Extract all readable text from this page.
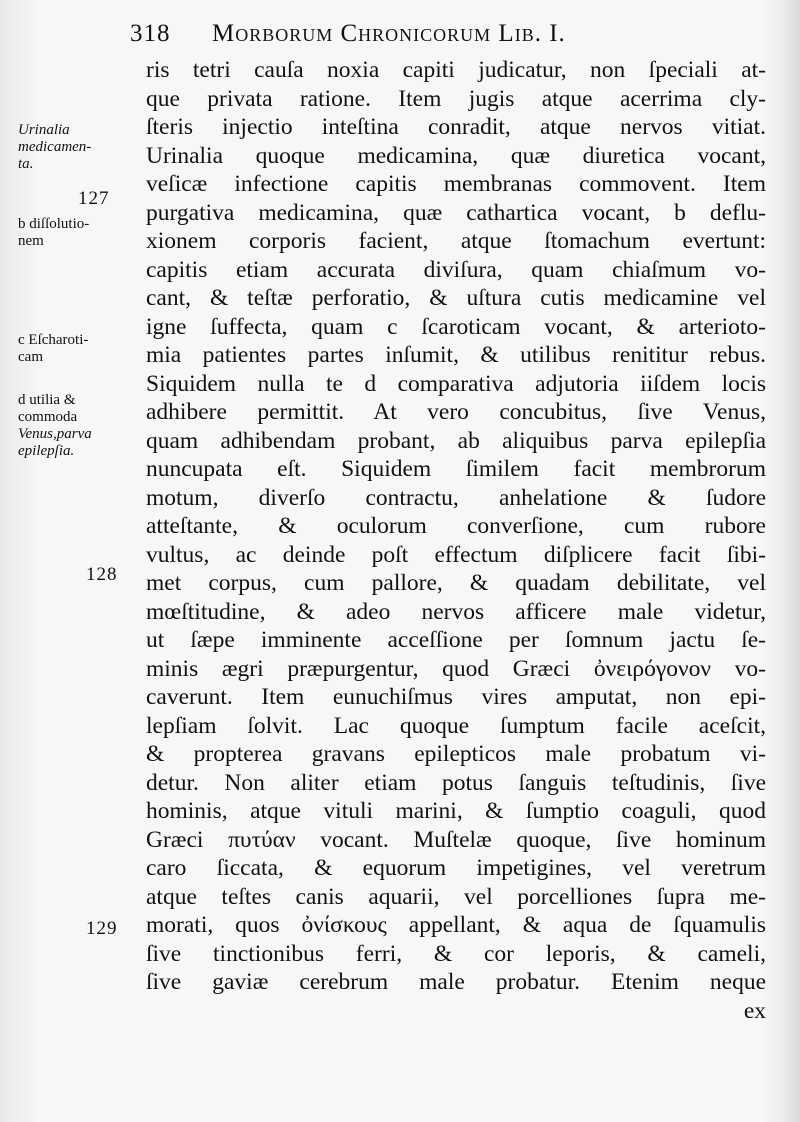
318 Morborum Chronicorum Lib. I.
Urinalia
medicamen-
ta.
127
b diſſolutio-
nem
c Eſcharoti-
cam
d utilia &
commoda
Venus,parva
epilepſia.
128
129
ris tetri cauſa noxia capiti judicatur, non ſpeciali at-
que privata ratione. Item jugis atque acerrima cly-
ſteris injectio inteſtina conradit, atque nervos vitiat.
Urinalia quoque medicamina, quæ diuretica vocant,
veſicæ infectione capitis membranas commovent. Item
purgativa medicamina, quæ cathartica vocant, b deflu-
xionem corporis facient, atque ſtomachum evertunt:
capitis etiam accurata diviſura, quam chiaſmum vo-
cant, & teſtæ perforatio, & uſtura cutis medicamine vel
igne ſuffecta, quam c ſcaroticam vocant, & arterioto-
mia patientes partes inſumit, & utilibus renititur rebus.
Siquidem nulla te d comparativa adjutoria iiſdem locis
adhibere permittit. At vero concubitus, ſive Venus,
quam adhibendam probant, ab aliquibus parva epilepſia
nuncupata eſt. Siquidem ſimilem facit membrorum
motum, diverſo contractu, anhelatione & ſudore
atteſtante, & oculorum converſione, cum rubore
vultus, ac deinde poſt effectum diſplicere facit ſibi-
met corpus, cum pallore, & quadam debilitate, vel
mœſtitudine, & adeo nervos afficere male videtur,
ut ſæpe imminente acceſſione per ſomnum jactu ſe-
minis ægri præpurgentur, quod Græci ὀνειρόγονον vo-
caverunt. Item eunuchiſmus vires amputat, non epi-
lepſiam ſolvit. Lac quoque ſumptum facile aceſcit,
& propterea gravans epilepticos male probatum vi-
detur. Non aliter etiam potus ſanguis teſtudinis, ſive
hominis, atque vituli marini, & ſumptio coaguli, quod
Græci πυτύαν vocant. Muſtelæ quoque, ſive hominum
caro ſiccata, & equorum impetigines, vel veretrum
atque teſtes canis aquarii, vel porcelliones ſupra me-
morati, quos ὀνίσκους appellant, & aqua de ſquamulis
ſive tinctionibus ferri, & cor leporis, & cameli,
ſive gaviæ cerebrum male probatur. Etenim neque
ex
